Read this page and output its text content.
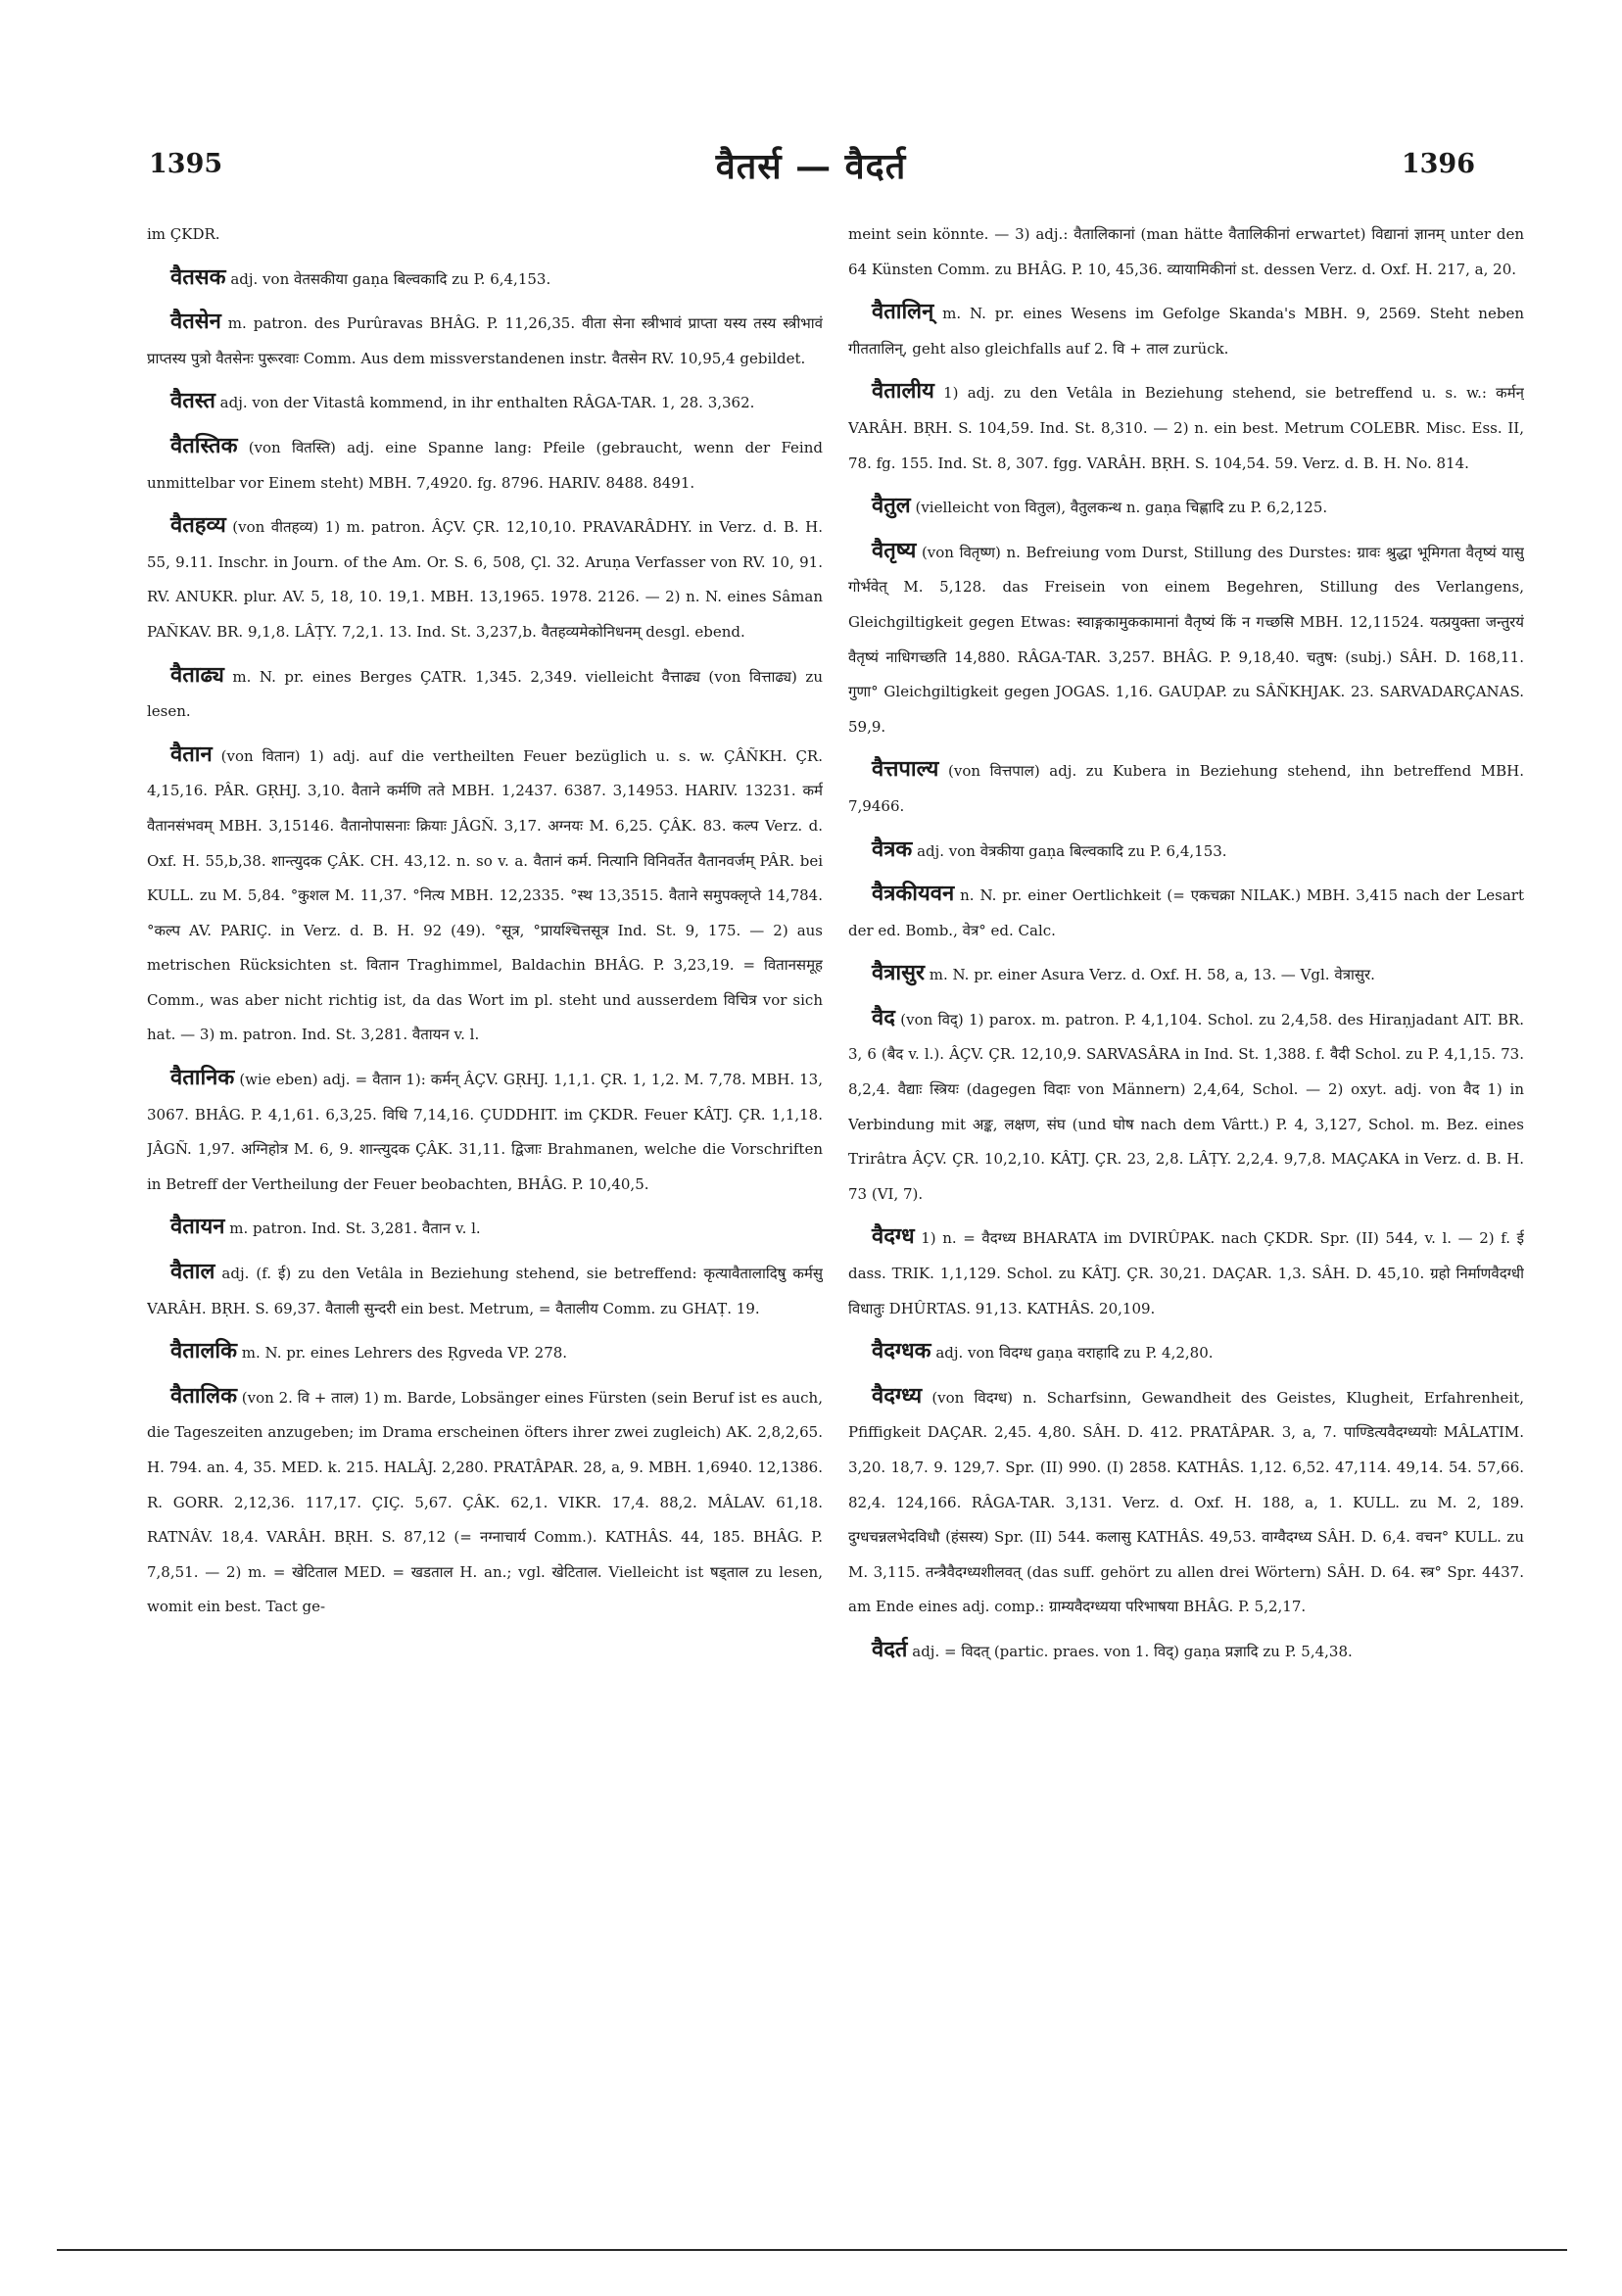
1395	वैतर्स — वैदर्त	1396

im ÇKDR.

वैतसक adj. von वेतसकीया gaṇa बिल्वकादि zu P. 6,4,153.

वैतसेन m. patron. des Purûravas BHÂG. P. 11,26,35. वीता सेना स्त्रीभावं प्राप्ता यस्य तस्य स्त्रीभावं प्राप्तस्य पुत्रो वैतसेनः पुरूरवाः Comm. Aus dem missverstandenen instr. वैतसेन RV. 10,95,4 gebildet.

वैतस्त adj. von der Vitastâ kommend, in ihr enthalten RÂGA-TAR. 1, 28. 3,362.

वैतस्तिक (von वितस्ति) adj. eine Spanne lang: Pfeile (gebraucht, wenn der Feind unmittelbar vor Einem steht) MBH. 7,4920. fg. 8796. HARIV. 8488. 8491.

वैतहव्य (von वीतहव्य) 1) m. patron. ÂÇV. ÇR. 12,10,10. PRAVARÂDHY. in Verz. d. B. H. 55, 9.11. Inschr. in Journ. of the Am. Or. S. 6, 508, Çl. 32. Aruṇa Verfasser von RV. 10, 91. RV. ANUKR. plur. AV. 5, 18, 10. 19,1. MBH. 13,1965. 1978. 2126. — 2) n. N. eines Sâman PAÑKAV. BR. 9,1,8. LÂṬY. 7,2,1. 13. Ind. St. 3,237,b. वैतहव्यमेकोनिधनम् desgl. ebend.

वैताढ्य m. N. pr. eines Berges ÇATR. 1,345. 2,349. vielleicht वैत्ताढ्य (von वित्ताढ्य) zu lesen.

वैतान (von वितान) 1) adj. auf die vertheilten Feuer bezüglich u. s. w. ÇÂÑKH. ÇR. 4,15,16. PÂR. GṚHJ. 3,10. वैताने कर्मणि तते MBH. 1,2437. 6387. 3,14953. HARIV. 13231. कर्म वैतानसंभवम् MBH. 3,15146. वैतानोपासनाः क्रियाः JÂGÑ. 3,17. अग्नयः M. 6,25. ÇÂK. 83. कल्प Verz. d. Oxf. H. 55,b,38. शान्त्युदक ÇÂK. CH. 43,12. n. so v. a. वैतानं कर्म. नित्यानि विनिवर्तेत वैतानवर्जम् PÂR. bei KULL. zu M. 5,84. °कुशल M. 11,37. °नित्य MBH. 12,2335. °स्थ 13,3515. वैताने समुपक्लृप्ते 14,784. °कल्प AV. PARIÇ. in Verz. d. B. H. 92 (49). °सूत्र, °प्रायश्चित्तसूत्र Ind. St. 9, 175. — 2) aus metrischen Rücksichten st. वितान Traghimmel, Baldachin BHÂG. P. 3,23,19. = वितानसमूह Comm., was aber nicht richtig ist, da das Wort im pl. steht und ausserdem विचित्र vor sich hat. — 3) m. patron. Ind. St. 3,281. वैतायन v. l.

वैतानिक (wie eben) adj. = वैतान 1): कर्मन् ÂÇV. GṚHJ. 1,1,1. ÇR. 1, 1,2. M. 7,78. MBH. 13, 3067. BHÂG. P. 4,1,61. 6,3,25. विधि 7,14,16. ÇUDDHIT. im ÇKDR. Feuer KÂTJ. ÇR. 1,1,18. JÂGÑ. 1,97. अग्निहोत्र M. 6, 9. शान्त्युदक ÇÂK. 31,11. द्विजाः Brahmanen, welche die Vorschriften in Betreff der Vertheilung der Feuer beobachten, BHÂG. P. 10,40,5.

वैतायन m. patron. Ind. St. 3,281. वैतान v. l.

वैताल adj. (f. ई) zu den Vetâla in Beziehung stehend, sie betreffend: कृत्यावैतालादिषु कर्मसु VARÂH. BṚH. S. 69,37. वैताली सुन्दरी ein best. Metrum, = वैतालीय Comm. zu GHAṬ. 19.

वैतालकि m. N. pr. eines Lehrers des Ṛgveda VP. 278.

वैतालिक (von 2. वि + ताल) 1) m. Barde, Lobsänger eines Fürsten (sein Beruf ist es auch, die Tageszeiten anzugeben; im Drama erscheinen öfters ihrer zwei zugleich) AK. 2,8,2,65. H. 794. an. 4, 35. MED. k. 215. HALÂJ. 2,280. PRATÂPAR. 28, a, 9. MBH. 1,6940. 12,1386. R. GORR. 2,12,36. 117,17. ÇIÇ. 5,67. ÇÂK. 62,1. VIKR. 17,4. 88,2. MÂLAV. 61,18. RATNÂV. 18,4. VARÂH. BṚH. S. 87,12 (= नग्नाचार्य Comm.). KATHÂS. 44, 185. BHÂG. P. 7,8,51. — 2) m. = खेटिताल MED. = खडताल H. an.; vgl. खेटिताल. Vielleicht ist षड्ताल zu lesen, womit ein best. Tact ge-

meint sein könnte. — 3) adj.: वैतालिकानां (man hätte वैतालिकीनां erwartet) विद्यानां ज्ञानम् unter den 64 Künsten Comm. zu BHÂG. P. 10, 45,36. व्यायामिकीनां st. dessen Verz. d. Oxf. H. 217, a, 20.

वैतालिन् m. N. pr. eines Wesens im Gefolge Skanda's MBH. 9, 2569. Steht neben गीततालिन्, geht also gleichfalls auf 2. वि + ताल zurück.

वैतालीय 1) adj. zu den Vetâla in Beziehung stehend, sie betreffend u. s. w.: कर्मन् VARÂH. BṚH. S. 104,59. Ind. St. 8,310. — 2) n. ein best. Metrum COLEBR. Misc. Ess. II, 78. fg. 155. Ind. St. 8, 307. fgg. VARÂH. BṚH. S. 104,54. 59. Verz. d. B. H. No. 814.

वैतुल (vielleicht von वितुल), वैतुलकन्थ n. gaṇa चिह्णादि zu P. 6,2,125.

वैतृष्य (von वितृष्ण) n. Befreiung vom Durst, Stillung des Durstes: ग्रावः श्रुद्धा भूमिगता वैतृष्यं यासु गोर्भवेत् M. 5,128. das Freisein von einem Begehren, Stillung des Verlangens, Gleichgiltigkeit gegen Etwas: स्वाङ्गकामुककामानां वैतृष्यं किं न गच्छसि MBH. 12,11524. यत्प्रयुक्ता जन्तुरयं वैतृष्यं नाधिगच्छति 14,880. RÂGA-TAR. 3,257. BHÂG. P. 9,18,40. चतुष: (subj.) SÂH. D. 168,11. गुणा° Gleichgiltigkeit gegen JOGAS. 1,16. GAUḌAP. zu SÂÑKHJAK. 23. SARVADARÇANAS. 59,9.

वैत्तपाल्य (von वित्तपाल) adj. zu Kubera in Beziehung stehend, ihn betreffend MBH. 7,9466.

वैत्रक adj. von वेत्रकीया gaṇa बिल्वकादि zu P. 6,4,153.

वैत्रकीयवन n. N. pr. einer Oertlichkeit (= एकचक्रा NILAK.) MBH. 3,415 nach der Lesart der ed. Bomb., वेत्र° ed. Calc.

वैत्रासुर m. N. pr. einer Asura Verz. d. Oxf. H. 58, a, 13. — Vgl. वेत्रासुर.

वैद (von विद्) 1) parox. m. patron. P. 4,1,104. Schol. zu 2,4,58. des Hiraṇjadant AIT. BR. 3, 6 (बैद v. l.). ÂÇV. ÇR. 12,10,9. SARVASÂRA in Ind. St. 1,388. f. वैदी Schol. zu P. 4,1,15. 73. 8,2,4. वैद्याः स्त्रियः (dagegen विदाः von Männern) 2,4,64, Schol. — 2) oxyt. adj. von वैद 1) in Verbindung mit अङ्क, लक्षण, संघ (und घोष nach dem Vârtt.) P. 4, 3,127, Schol. m. Bez. eines Trirâtra ÂÇV. ÇR. 10,2,10. KÂTJ. ÇR. 23, 2,8. LÂṬY. 2,2,4. 9,7,8. MAÇAKA in Verz. d. B. H. 73 (VI, 7).

वैदग्ध 1) n. = वैदग्ध्य BHARATA im DVIRÛPAK. nach ÇKDR. Spr. (II) 544, v. l. — 2) f. ई dass. TRIK. 1,1,129. Schol. zu KÂTJ. ÇR. 30,21. DAÇAR. 1,3. SÂH. D. 45,10. ग्रहो निर्माणवैदग्धी विधातुः DHÛRTAS. 91,13. KATHÂS. 20,109.

वैदग्धक adj. von विदग्ध gaṇa वराहादि zu P. 4,2,80.

वैदग्ध्य (von विदग्ध) n. Scharfsinn, Gewandheit des Geistes, Klugheit, Erfahrenheit, Pfiffigkeit DAÇAR. 2,45. 4,80. SÂH. D. 412. PRATÂPAR. 3, a, 7. पाण्डित्यवैदग्ध्ययोः MÂLATIM. 3,20. 18,7. 9. 129,7. Spr. (II) 990. (I) 2858. KATHÂS. 1,12. 6,52. 47,114. 49,14. 54. 57,66. 82,4. 124,166. RÂGA-TAR. 3,131. Verz. d. Oxf. H. 188, a, 1. KULL. zu M. 2, 189. दुग्धचन्नलभेदविधौ (हंसस्य) Spr. (II) 544. कलासु KATHÂS. 49,53. वाग्वैदग्ध्य SÂH. D. 6,4. वचन° KULL. zu M. 3,115. तन्त्रैवैदग्ध्यशीलवत् (das suff. gehört zu allen drei Wörtern) SÂH. D. 64. स्त्र° Spr. 4437. am Ende eines adj. comp.: ग्राम्यवैदग्ध्यया परिभाषया BHÂG. P. 5,2,17.

वैदर्त adj. = विदत् (partic. praes. von 1. विद्) gaṇa प्रज्ञादि zu P. 5,4,38.
